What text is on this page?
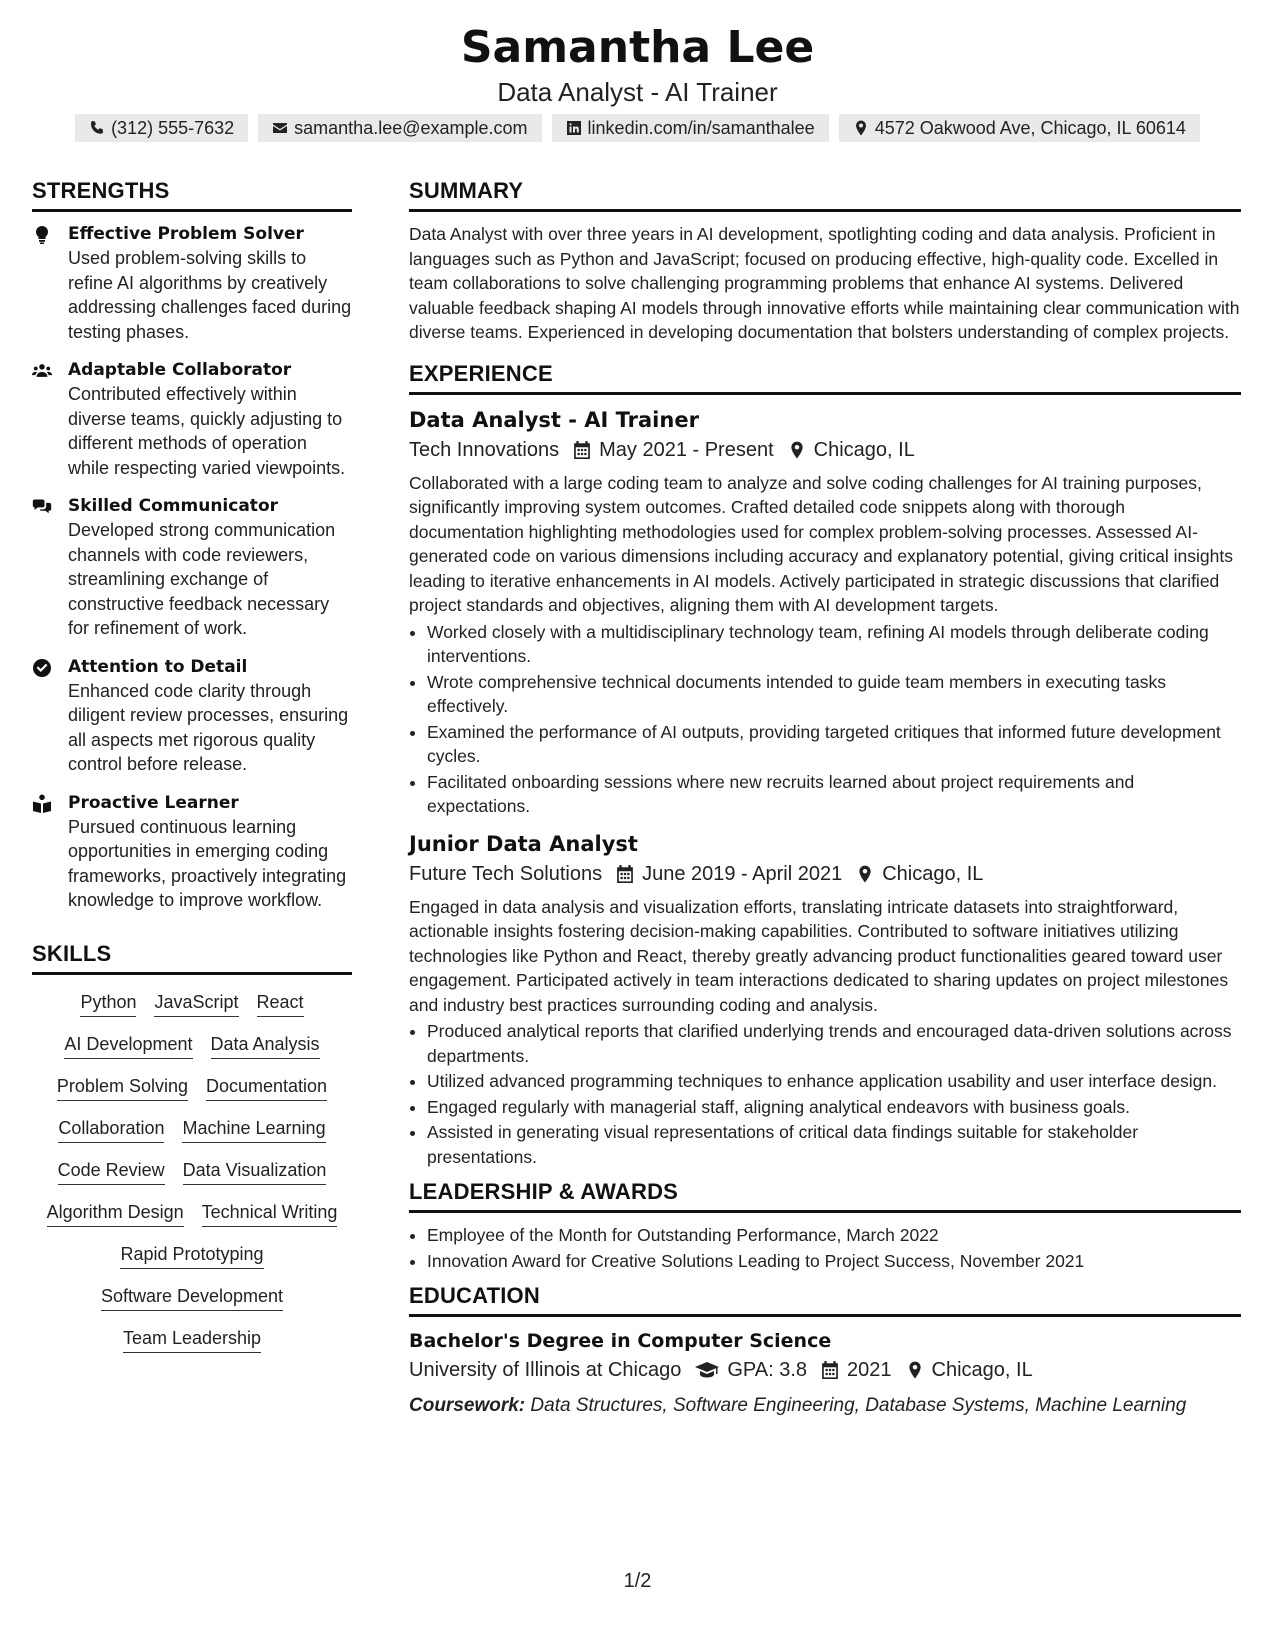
Samantha Lee
Data Analyst - AI Trainer
(312) 555-7632	samantha.lee@example.com	linkedin.com/in/samanthalee	4572 Oakwood Ave, Chicago, IL 60614
STRENGTHS
Effective Problem Solver
Used problem-solving skills to refine AI algorithms by creatively addressing challenges faced during testing phases.
Adaptable Collaborator
Contributed effectively within diverse teams, quickly adjusting to different methods of operation while respecting varied viewpoints.
Skilled Communicator
Developed strong communication channels with code reviewers, streamlining exchange of constructive feedback necessary for refinement of work.
Attention to Detail
Enhanced code clarity through diligent review processes, ensuring all aspects met rigorous quality control before release.
Proactive Learner
Pursued continuous learning opportunities in emerging coding frameworks, proactively integrating knowledge to improve workflow.
SKILLS
Python JavaScript React
AI Development Data Analysis
Problem Solving Documentation
Collaboration Machine Learning
Code Review Data Visualization
Algorithm Design Technical Writing
Rapid Prototyping
Software Development
Team Leadership
SUMMARY
Data Analyst with over three years in AI development, spotlighting coding and data analysis. Proficient in languages such as Python and JavaScript; focused on producing effective, high-quality code. Excelled in team collaborations to solve challenging programming problems that enhance AI systems. Delivered valuable feedback shaping AI models through innovative efforts while maintaining clear communication with diverse teams. Experienced in developing documentation that bolsters understanding of complex projects.
EXPERIENCE
Data Analyst - AI Trainer
Tech Innovations May 2021 - Present Chicago, IL
Collaborated with a large coding team to analyze and solve coding challenges for AI training purposes, significantly improving system outcomes. Crafted detailed code snippets along with thorough documentation highlighting methodologies used for complex problem-solving processes. Assessed AI-generated code on various dimensions including accuracy and explanatory potential, giving critical insights leading to iterative enhancements in AI models. Actively participated in strategic discussions that clarified project standards and objectives, aligning them with AI development targets.
• Worked closely with a multidisciplinary technology team, refining AI models through deliberate coding interventions.
• Wrote comprehensive technical documents intended to guide team members in executing tasks effectively.
• Examined the performance of AI outputs, providing targeted critiques that informed future development cycles.
• Facilitated onboarding sessions where new recruits learned about project requirements and expectations.
Junior Data Analyst
Future Tech Solutions June 2019 - April 2021 Chicago, IL
Engaged in data analysis and visualization efforts, translating intricate datasets into straightforward, actionable insights fostering decision-making capabilities. Contributed to software initiatives utilizing technologies like Python and React, thereby greatly advancing product functionalities geared toward user engagement. Participated actively in team interactions dedicated to sharing updates on project milestones and industry best practices surrounding coding and analysis.
• Produced analytical reports that clarified underlying trends and encouraged data-driven solutions across departments.
• Utilized advanced programming techniques to enhance application usability and user interface design.
• Engaged regularly with managerial staff, aligning analytical endeavors with business goals.
• Assisted in generating visual representations of critical data findings suitable for stakeholder presentations.
LEADERSHIP & AWARDS
• Employee of the Month for Outstanding Performance, March 2022
• Innovation Award for Creative Solutions Leading to Project Success, November 2021
EDUCATION
Bachelor's Degree in Computer Science
University of Illinois at Chicago GPA: 3.8 2021 Chicago, IL
Coursework: Data Structures, Software Engineering, Database Systems, Machine Learning
1/2
